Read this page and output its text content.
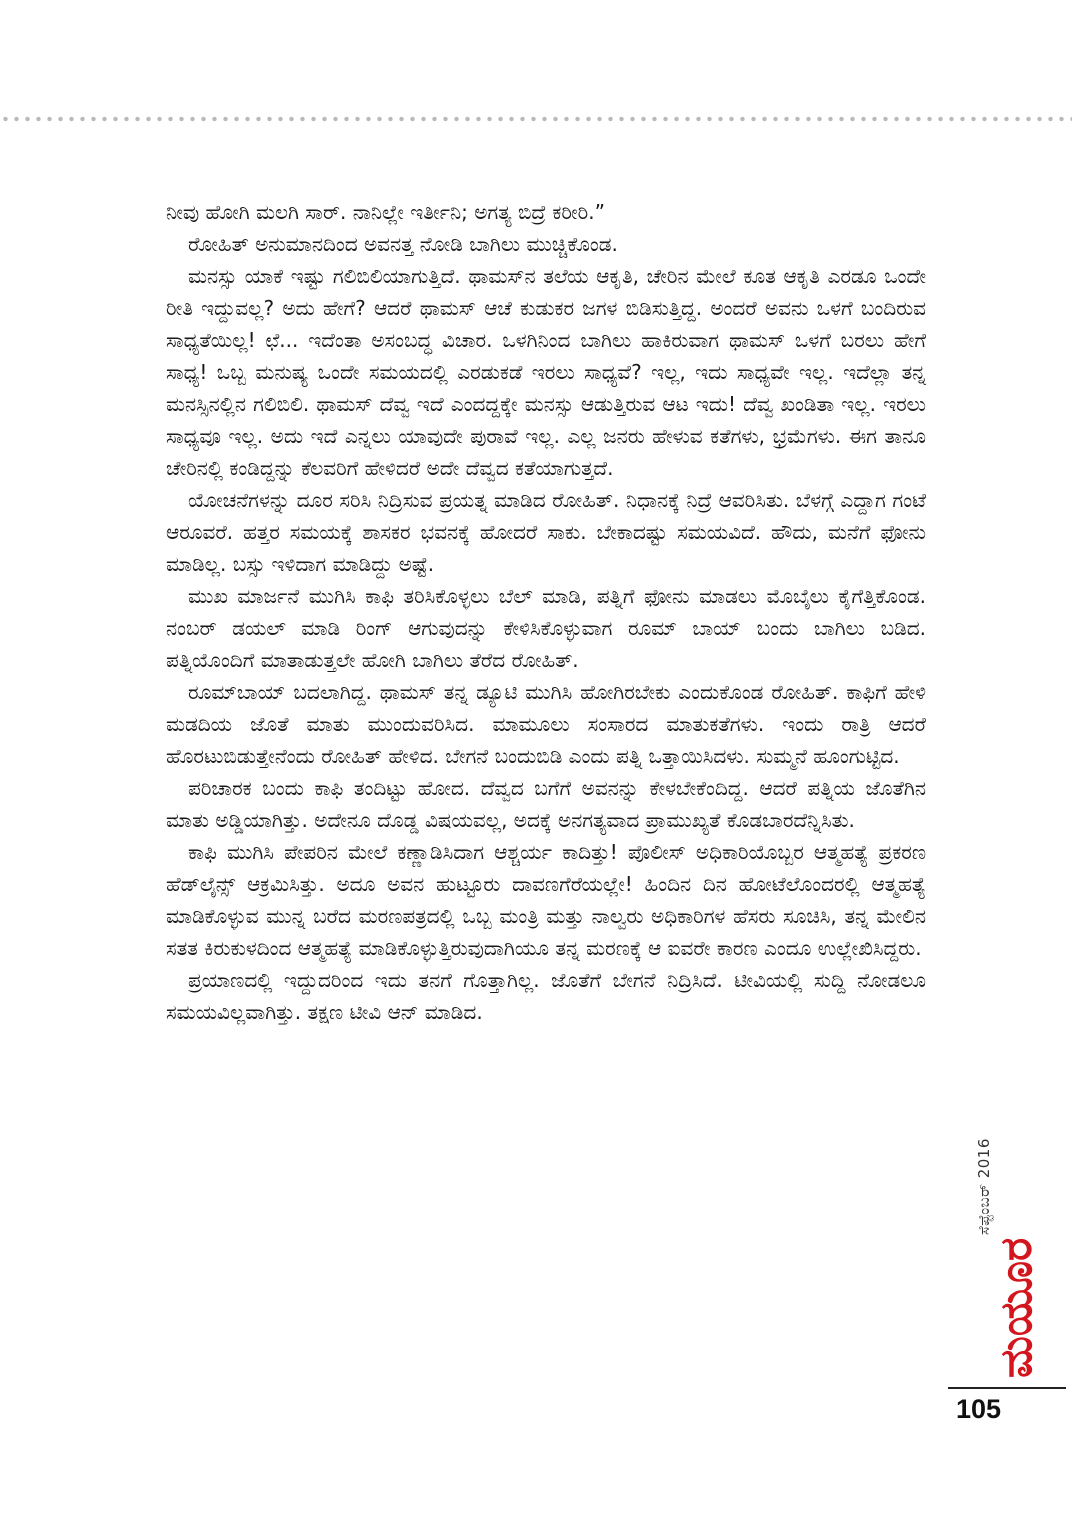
ನೀವು ಹೋಗಿ ಮಲಗಿ ಸಾರ್. ನಾನಿಲ್ಲೇ ಇರ್ತೀನಿ; ಅಗತ್ಯ ಬಿದ್ರೆ ಕರೀರಿ.”

ರೋಹಿತ್ ಅನುಮಾನದಿಂದ ಅವನತ್ತ ನೋಡಿ ಬಾಗಿಲು ಮುಚ್ಚಿಕೊಂಡ.

ಮನಸ್ಸು ಯಾಕೆ ಇಷ್ಟು ಗಲಿಬಿಲಿಯಾಗುತ್ತಿದೆ. ಥಾಮಸ್‌ನ ತಲೆಯ ಆಕೃತಿ, ಚೇರಿನ ಮೇಲೆ ಕೂತ ಆಕೃತಿ ಎರಡೂ ಒಂದೇ ರೀತಿ ಇದ್ದುವಲ್ಲ? ಅದು ಹೇಗೆ? ಆದರೆ ಥಾಮಸ್ ಆಚೆ ಕುಡುಕರ ಜಗಳ ಬಿಡಿಸುತ್ತಿದ್ದ. ಅಂದರೆ ಅವನು ಒಳಗೆ ಬಂದಿರುವ ಸಾಧ್ಯತೆಯಿಲ್ಲ! ಛೆ... ಇದೆಂತಾ ಅಸಂಬದ್ಧ ವಿಚಾರ. ಒಳಗಿನಿಂದ ಬಾಗಿಲು ಹಾಕಿರುವಾಗ ಥಾಮಸ್ ಒಳಗೆ ಬರಲು ಹೇಗೆ ಸಾಧ್ಯ! ಒಬ್ಬ ಮನುಷ್ಯ ಒಂದೇ ಸಮಯದಲ್ಲಿ ಎರಡುಕಡೆ ಇರಲು ಸಾಧ್ಯವೆ? ಇಲ್ಲ, ಇದು ಸಾಧ್ಯವೇ ಇಲ್ಲ. ಇದೆಲ್ಲಾ ತನ್ನ ಮನಸ್ಸಿನಲ್ಲಿನ ಗಲಿಬಿಲಿ. ಥಾಮಸ್ ದೆವ್ವ ಇದೆ ಎಂದದ್ದಕ್ಕೇ ಮನಸ್ಸು ಆಡುತ್ತಿರುವ ಆಟ ಇದು! ದೆವ್ವ ಖಂಡಿತಾ ಇಲ್ಲ. ಇರಲು ಸಾಧ್ಯವೂ ಇಲ್ಲ. ಅದು ಇದೆ ಎನ್ನಲು ಯಾವುದೇ ಪುರಾವೆ ಇಲ್ಲ. ಎಲ್ಲ ಜನರು ಹೇಳುವ ಕತೆಗಳು, ಭ್ರಮೆಗಳು. ಈಗ ತಾನೂ ಚೇರಿನಲ್ಲಿ ಕಂಡಿದ್ದನ್ನು ಕೆಲವರಿಗೆ ಹೇಳಿದರೆ ಅದೇ ದೆವ್ವದ ಕತೆಯಾಗುತ್ತದೆ.

ಯೋಚನೆಗಳನ್ನು ದೂರ ಸರಿಸಿ ನಿದ್ರಿಸುವ ಪ್ರಯತ್ನ ಮಾಡಿದ ರೋಹಿತ್. ನಿಧಾನಕ್ಕೆ ನಿದ್ರೆ ಆವರಿಸಿತು. ಬೆಳಗ್ಗೆ ಎದ್ದಾಗ ಗಂಟೆ ಆರೂವರೆ. ಹತ್ತರ ಸಮಯಕ್ಕೆ ಶಾಸಕರ ಭವನಕ್ಕೆ ಹೋದರೆ ಸಾಕು. ಬೇಕಾದಷ್ಟು ಸಮಯವಿದೆ. ಹೌದು, ಮನೆಗೆ ಫೋನು ಮಾಡಿಲ್ಲ. ಬಸ್ಸು ಇಳಿದಾಗ ಮಾಡಿದ್ದು ಅಷ್ಟೆ.

ಮುಖ ಮಾರ್ಜನೆ ಮುಗಿಸಿ ಕಾಫಿ ತರಿಸಿಕೊಳ್ಳಲು ಬೆಲ್ ಮಾಡಿ, ಪತ್ನಿಗೆ ಫೋನು ಮಾಡಲು ಮೊಬೈಲು ಕೈಗೆತ್ತಿಕೊಂಡ. ನಂಬರ್ ಡಯಲ್ ಮಾಡಿ ರಿಂಗ್ ಆಗುವುದನ್ನು ಕೇಳಿಸಿಕೊಳ್ಳುವಾಗ ರೂಮ್ ಬಾಯ್ ಬಂದು ಬಾಗಿಲು ಬಡಿದ. ಪತ್ನಿಯೊಂದಿಗೆ ಮಾತಾಡುತ್ತಲೇ ಹೋಗಿ ಬಾಗಿಲು ತೆರೆದ ರೋಹಿತ್.

ರೂಮ್‌ಬಾಯ್ ಬದಲಾಗಿದ್ದ. ಥಾಮಸ್ ತನ್ನ ಡ್ಯೂಟಿ ಮುಗಿಸಿ ಹೋಗಿರಬೇಕು ಎಂದುಕೊಂಡ ರೋಹಿತ್. ಕಾಫಿಗೆ ಹೇಳಿ ಮಡದಿಯ ಜೊತೆ ಮಾತು ಮುಂದುವರಿಸಿದ. ಮಾಮೂಲು ಸಂಸಾರದ ಮಾತುಕತೆಗಳು. ಇಂದು ರಾತ್ರಿ ಆದರೆ ಹೊರಟುಬಿಡುತ್ತೇನೆಂದು ರೋಹಿತ್ ಹೇಳಿದ. ಬೇಗನೆ ಬಂದುಬಿಡಿ ಎಂದು ಪತ್ನಿ ಒತ್ತಾಯಿಸಿದಳು. ಸುಮ್ಮನೆ ಹೂಂಗುಟ್ಟಿದ.

ಪರಿಚಾರಕ ಬಂದು ಕಾಫಿ ತಂದಿಟ್ಟು ಹೋದ. ದೆವ್ವದ ಬಗೆಗೆ ಅವನನ್ನು ಕೇಳಬೇಕೆಂದಿದ್ದ. ಆದರೆ ಪತ್ನಿಯ ಜೊತೆಗಿನ ಮಾತು ಅಡ್ಡಿಯಾಗಿತ್ತು. ಅದೇನೂ ದೊಡ್ಡ ವಿಷಯವಲ್ಲ, ಅದಕ್ಕೆ ಅನಗತ್ಯವಾದ ಪ್ರಾಮುಖ್ಯತೆ ಕೊಡಬಾರದೆನ್ನಿಸಿತು.

ಕಾಫಿ ಮುಗಿಸಿ ಪೇಪರಿನ ಮೇಲೆ ಕಣ್ಣಾಡಿಸಿದಾಗ ಆಶ್ಚರ್ಯ ಕಾದಿತ್ತು! ಪೊಲೀಸ್ ಅಧಿಕಾರಿಯೊಬ್ಬರ ಆತ್ಮಹತ್ಯೆ ಪ್ರಕರಣ ಹೆಡ್‌ಲೈನ್ಸ್ ಆಕ್ರಮಿಸಿತ್ತು. ಅದೂ ಅವನ ಹುಟ್ಟೂರು ದಾವಣಗೆರೆಯಲ್ಲೇ! ಹಿಂದಿನ ದಿನ ಹೋಟೆಲೊಂದರಲ್ಲಿ ಆತ್ಮಹತ್ಯೆ ಮಾಡಿಕೊಳ್ಳುವ ಮುನ್ನ ಬರೆದ ಮರಣಪತ್ರದಲ್ಲಿ ಒಬ್ಬ ಮಂತ್ರಿ ಮತ್ತು ನಾಲ್ವರು ಅಧಿಕಾರಿಗಳ ಹೆಸರು ಸೂಚಿಸಿ, ತನ್ನ ಮೇಲಿನ ಸತತ ಕಿರುಕುಳದಿಂದ ಆತ್ಮಹತ್ಯೆ ಮಾಡಿಕೊಳ್ಳುತ್ತಿರುವುದಾಗಿಯೂ ತನ್ನ ಮರಣಕ್ಕೆ ಆ ಐವರೇ ಕಾರಣ ಎಂದೂ ಉಲ್ಲೇಖಿಸಿದ್ದರು.

ಪ್ರಯಾಣದಲ್ಲಿ ಇದ್ದುದರಿಂದ ಇದು ತನಗೆ ಗೊತ್ತಾಗಿಲ್ಲ. ಜೊತೆಗೆ ಬೇಗನೆ ನಿದ್ರಿಸಿದೆ. ಟೀವಿಯಲ್ಲಿ ಸುದ್ದಿ ನೋಡಲೂ ಸಮಯವಿಲ್ಲವಾಗಿತ್ತು. ತಕ್ಷಣ ಟೀವಿ ಆನ್ ಮಾಡಿದ.

ಸೆಪ್ಟೆಂಬರ್ 2016
ಮಯೂರ
105
